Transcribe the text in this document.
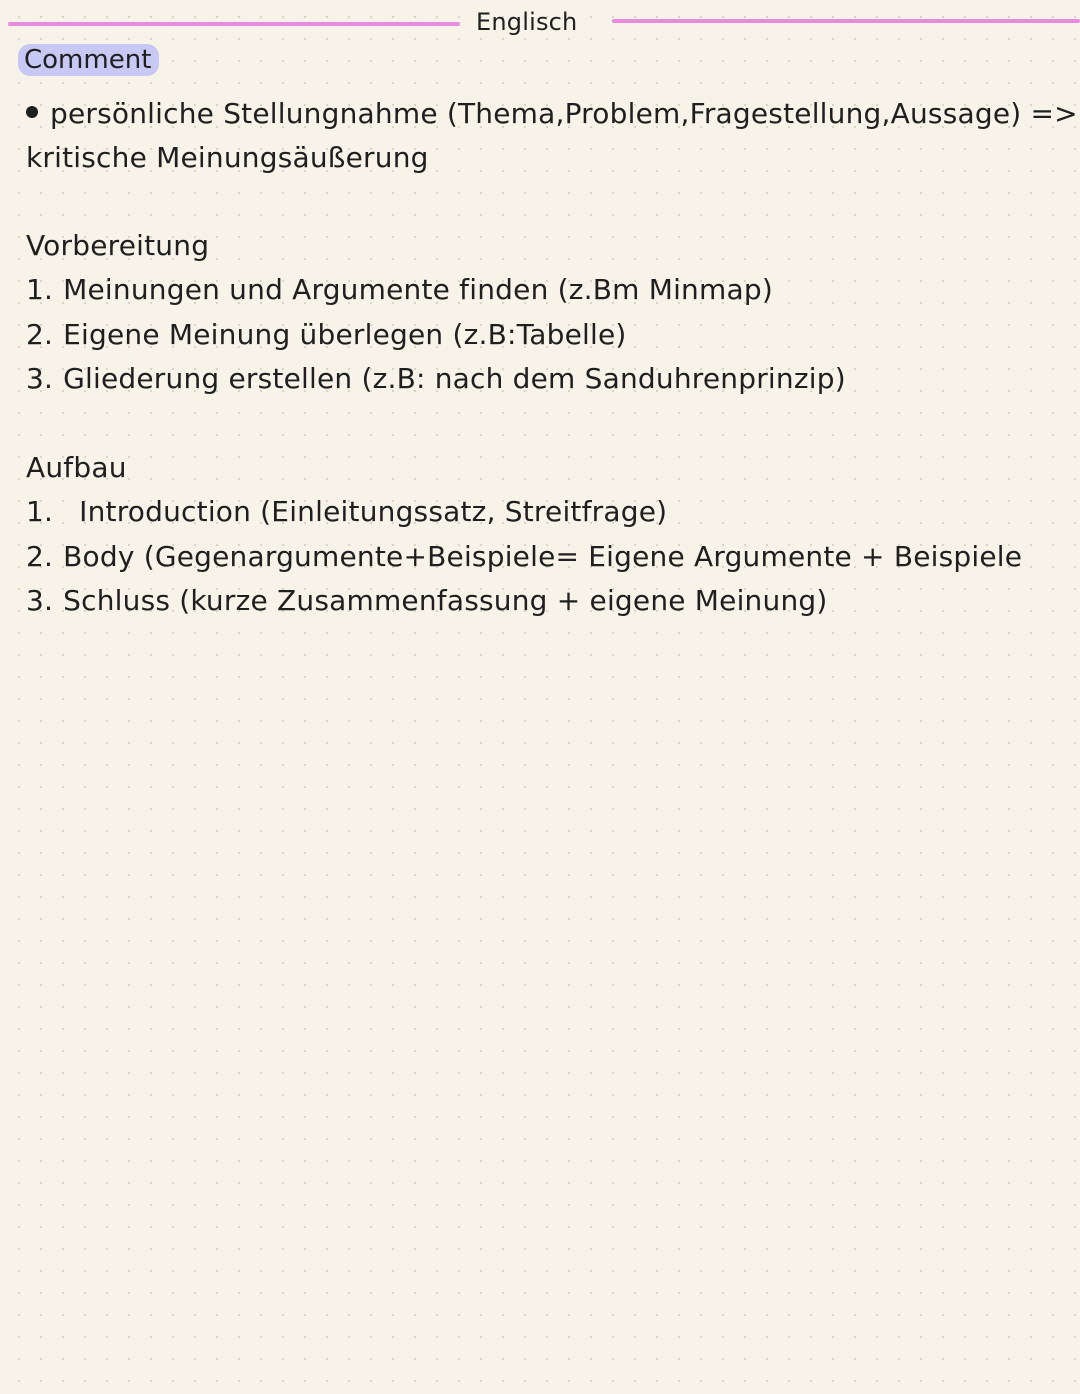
Englisch
Comment
persönliche Stellungnahme (Thema,Problem,Fragestellung,Aussage) =>
kritische Meinungsäußerung
Vorbereitung
1. Meinungen und Argumente finden (z.Bm Minmap)
2. Eigene Meinung überlegen (z.B:Tabelle)
3. Gliederung erstellen (z.B: nach dem Sanduhrenprinzip)
Aufbau
1. Introduction (Einleitungssatz, Streitfrage)
2. Body (Gegenargumente+Beispiele= Eigene Argumente + Beispiele
3. Schluss (kurze Zusammenfassung + eigene Meinung)
